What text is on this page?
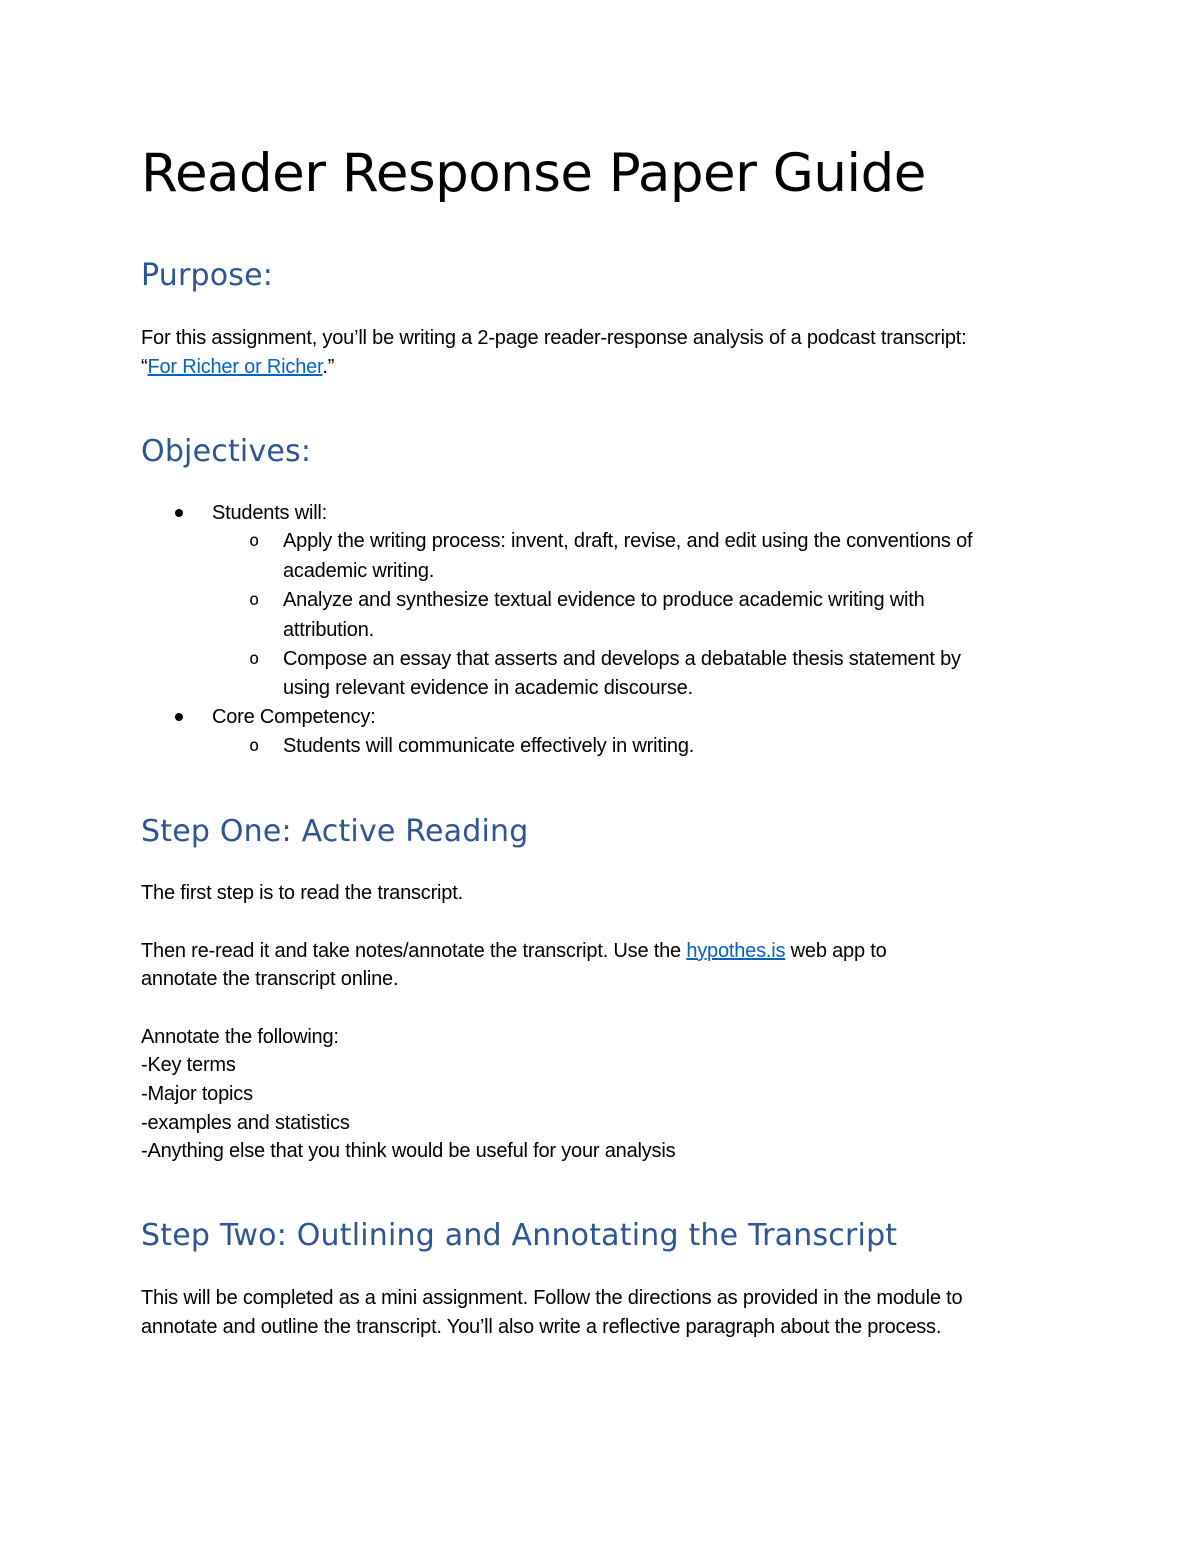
Reader Response Paper Guide
Purpose:
For this assignment, you’ll be writing a 2-page reader-response analysis of a podcast transcript:
“For Richer or Richer.”
Objectives:
Students will:
o Apply the writing process: invent, draft, revise, and edit using the conventions of
academic writing.
o Analyze and synthesize textual evidence to produce academic writing with
attribution.
o Compose an essay that asserts and develops a debatable thesis statement by
using relevant evidence in academic discourse.
Core Competency:
o Students will communicate effectively in writing.
Step One: Active Reading
The first step is to read the transcript.
Then re-read it and take notes/annotate the transcript. Use the hypothes.is web app to
annotate the transcript online.
Annotate the following:
-Key terms
-Major topics
-examples and statistics
-Anything else that you think would be useful for your analysis
Step Two: Outlining and Annotating the Transcript
This will be completed as a mini assignment. Follow the directions as provided in the module to
annotate and outline the transcript. You’ll also write a reflective paragraph about the process.
